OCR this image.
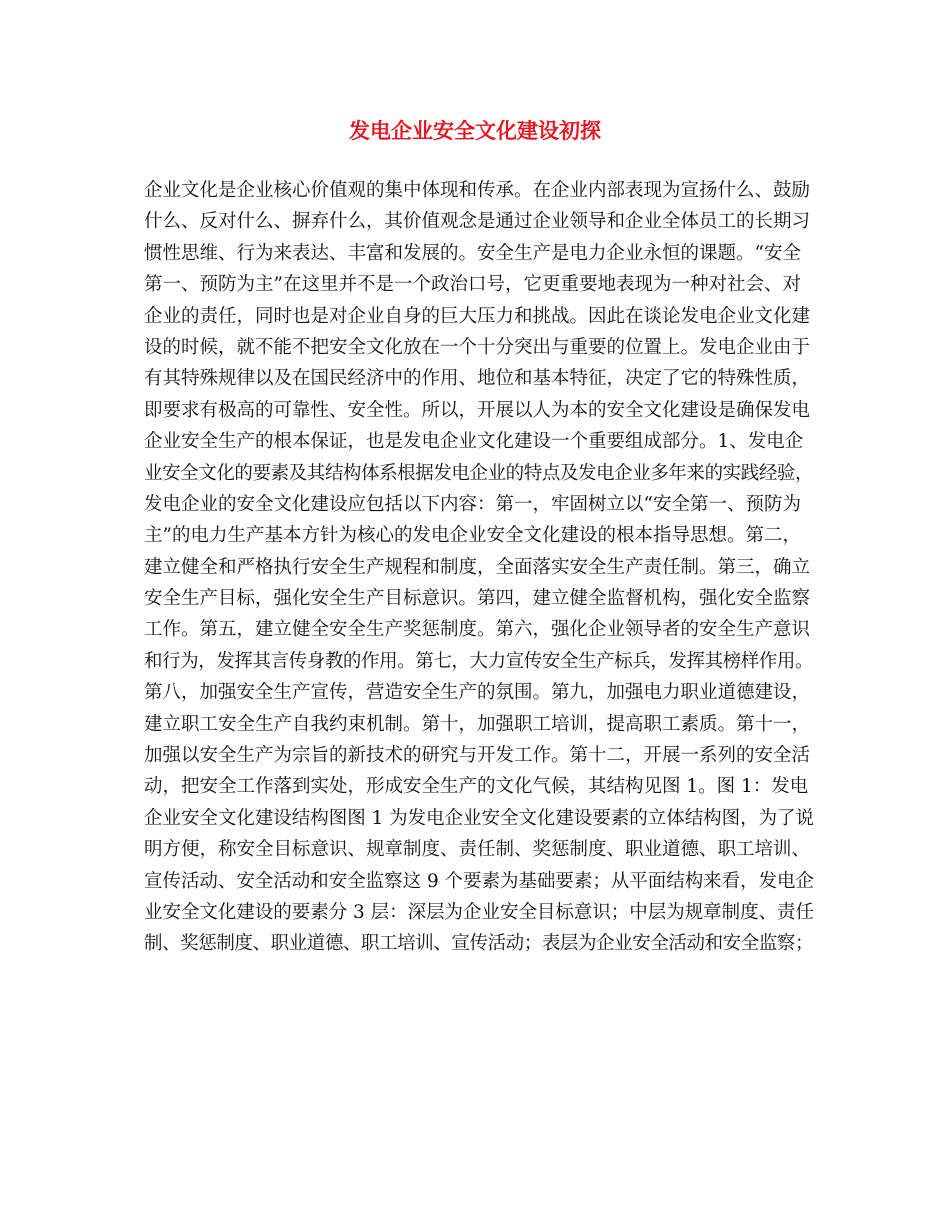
发电企业安全文化建设初探
企业文化是企业核心价值观的集中体现和传承。在企业内部表现为宣扬什么、鼓励
什么、反对什么、摒弃什么，其价值观念是通过企业领导和企业全体员工的长期习
惯性思维、行为来表达、丰富和发展的。安全生产是电力企业永恒的课题。“安全
第一、预防为主”在这里并不是一个政治口号，它更重要地表现为一种对社会、对
企业的责任，同时也是对企业自身的巨大压力和挑战。因此在谈论发电企业文化建
设的时候，就不能不把安全文化放在一个十分突出与重要的位置上。发电企业由于
有其特殊规律以及在国民经济中的作用、地位和基本特征，决定了它的特殊性质，
即要求有极高的可靠性、安全性。所以，开展以人为本的安全文化建设是确保发电
企业安全生产的根本保证，也是发电企业文化建设一个重要组成部分。1、发电企
业安全文化的要素及其结构体系根据发电企业的特点及发电企业多年来的实践经验，
发电企业的安全文化建设应包括以下内容：第一，牢固树立以“安全第一、预防为
主”的电力生产基本方针为核心的发电企业安全文化建设的根本指导思想。第二，
建立健全和严格执行安全生产规程和制度，全面落实安全生产责任制。第三，确立
安全生产目标，强化安全生产目标意识。第四，建立健全监督机构，强化安全监察
工作。第五，建立健全安全生产奖惩制度。第六，强化企业领导者的安全生产意识
和行为，发挥其言传身教的作用。第七，大力宣传安全生产标兵，发挥其榜样作用。
第八，加强安全生产宣传，营造安全生产的氛围。第九，加强电力职业道德建设，
建立职工安全生产自我约束机制。第十，加强职工培训，提高职工素质。第十一，
加强以安全生产为宗旨的新技术的研究与开发工作。第十二，开展一系列的安全活
动，把安全工作落到实处，形成安全生产的文化气候，其结构见图 1。图 1：发电
企业安全文化建设结构图图 1 为发电企业安全文化建设要素的立体结构图，为了说
明方便，称安全目标意识、规章制度、责任制、奖惩制度、职业道德、职工培训、
宣传活动、安全活动和安全监察这 9 个要素为基础要素；从平面结构来看，发电企
业安全文化建设的要素分 3 层：深层为企业安全目标意识；中层为规章制度、责任
制、奖惩制度、职业道德、职工培训、宣传活动；表层为企业安全活动和安全监察；
